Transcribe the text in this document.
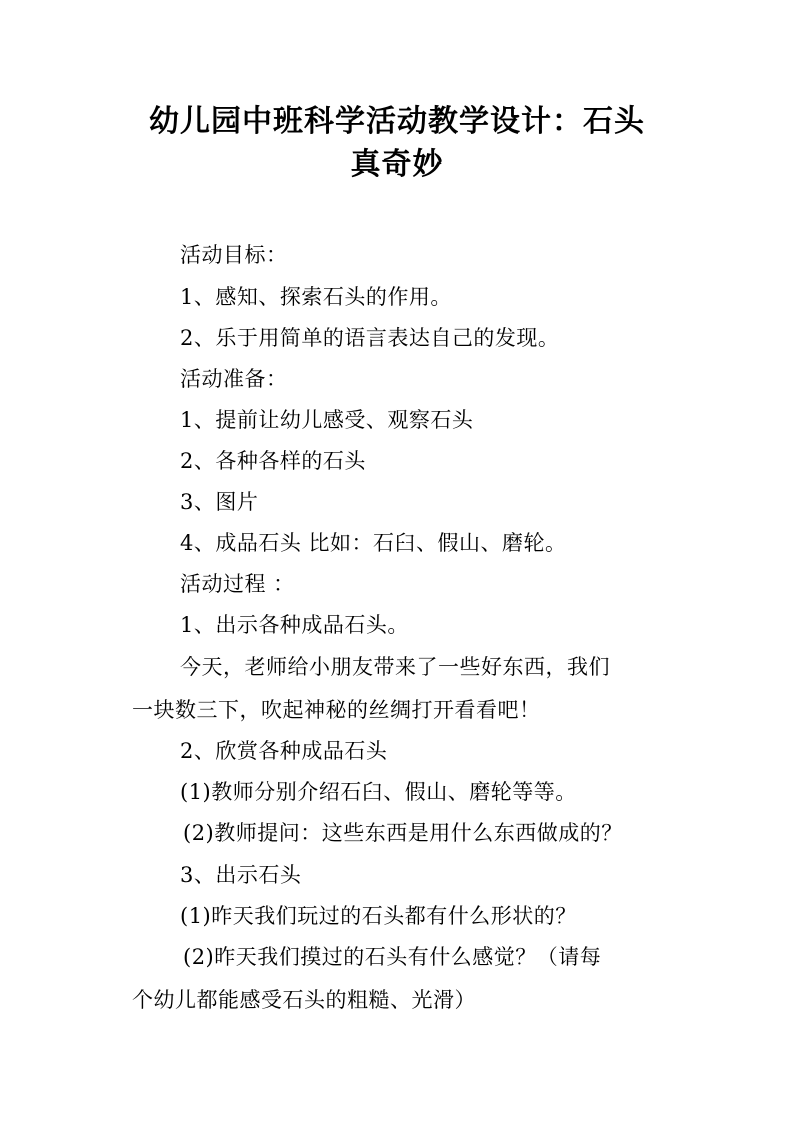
幼儿园中班科学活动教学设计：石头
真奇妙
活动目标：
1、感知、探索石头的作用。
2、乐于用简单的语言表达自己的发现。
活动准备：
1、提前让幼儿感受、观察石头
2、各种各样的石头
3、图片
4、成品石头 比如：石臼、假山、磨轮。
活动过程 ：
1、出示各种成品石头。
今天，老师给小朋友带来了一些好东西，我们
一块数三下，吹起神秘的丝绸打开看看吧！
2、欣赏各种成品石头
(1)教师分别介绍石臼、假山、磨轮等等。
(2)教师提问：这些东西是用什么东西做成的？
3、出示石头
(1)昨天我们玩过的石头都有什么形状的？
(2)昨天我们摸过的石头有什么感觉？（请每
个幼儿都能感受石头的粗糙、光滑）
